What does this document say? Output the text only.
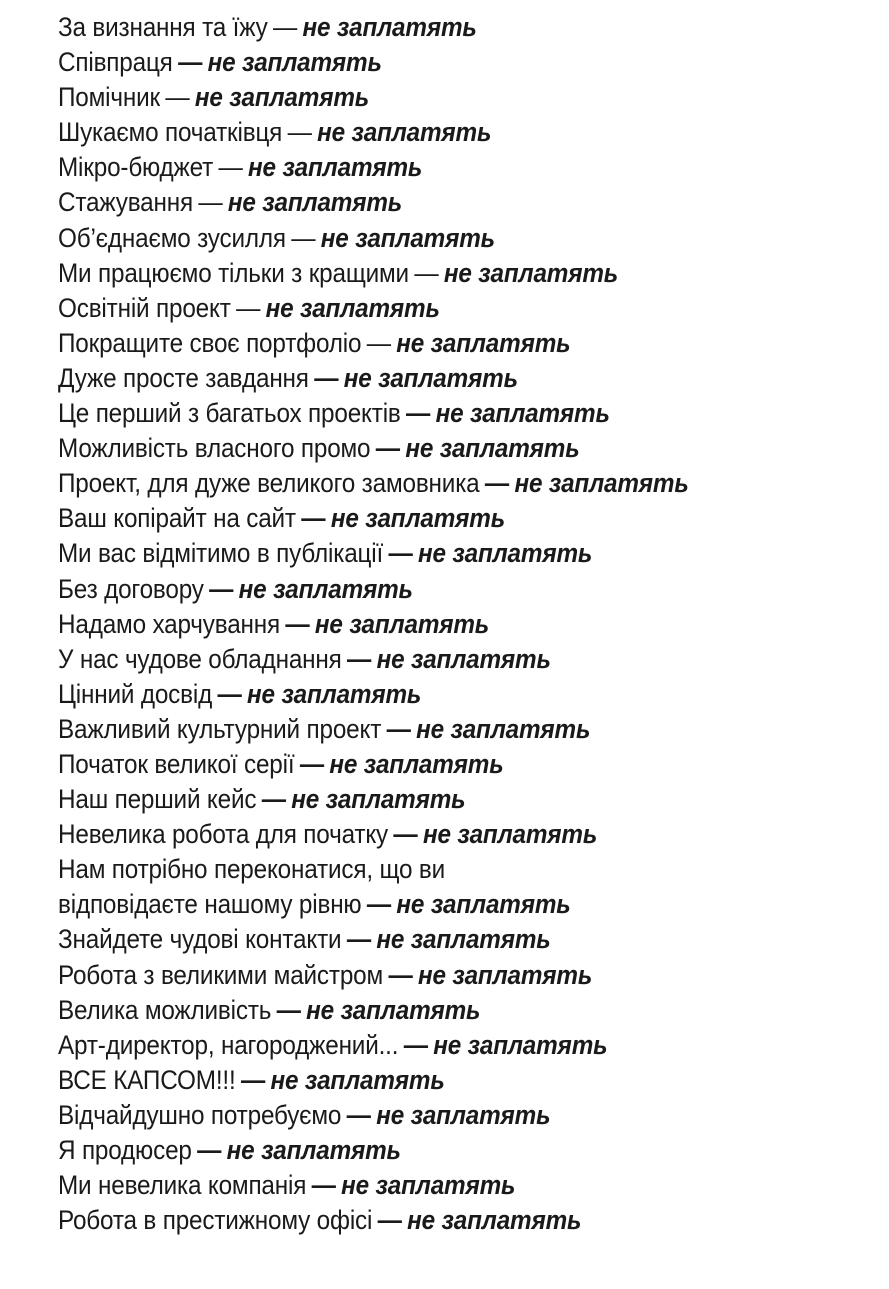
За визнання та їжу — не заплатять
Співпраця — не заплатять
Помічник — не заплатять
Шукаємо початківця — не заплатять
Мікро-бюджет — не заплатять
Стажування — не заплатять
Об’єднаємо зусилля — не заплатять
Ми працюємо тільки з кращими — не заплатять
Освітній проект — не заплатять
Покращите своє портфоліо — не заплатять
Дуже просте завдання — не заплатять
Це перший з багатьох проектів — не заплатять
Можливість власного промо — не заплатять
Проект, для дуже великого замовника — не заплатять
Ваш копірайт на сайт — не заплатять
Ми вас відмітимо в публікації — не заплатять
Без договору — не заплатять
Надамо харчування — не заплатять
У нас чудове обладнання — не заплатять
Цінний досвід — не заплатять
Важливий культурний проект — не заплатять
Початок великої серії — не заплатять
Наш перший кейс — не заплатять
Невелика робота для початку — не заплатять
Нам потрібно переконатися, що ви
відповідаєте нашому рівню — не заплатять
Знайдете чудові контакти — не заплатять
Робота з великими майстром — не заплатять
Велика можливість — не заплатять
Арт-директор, нагороджений... — не заплатять
ВСЕ КАПСОМ!!! — не заплатять
Відчайдушно потребуємо — не заплатять
Я продюсер — не заплатять
Ми невелика компанія — не заплатять
Робота в престижному офісі — не заплатять
